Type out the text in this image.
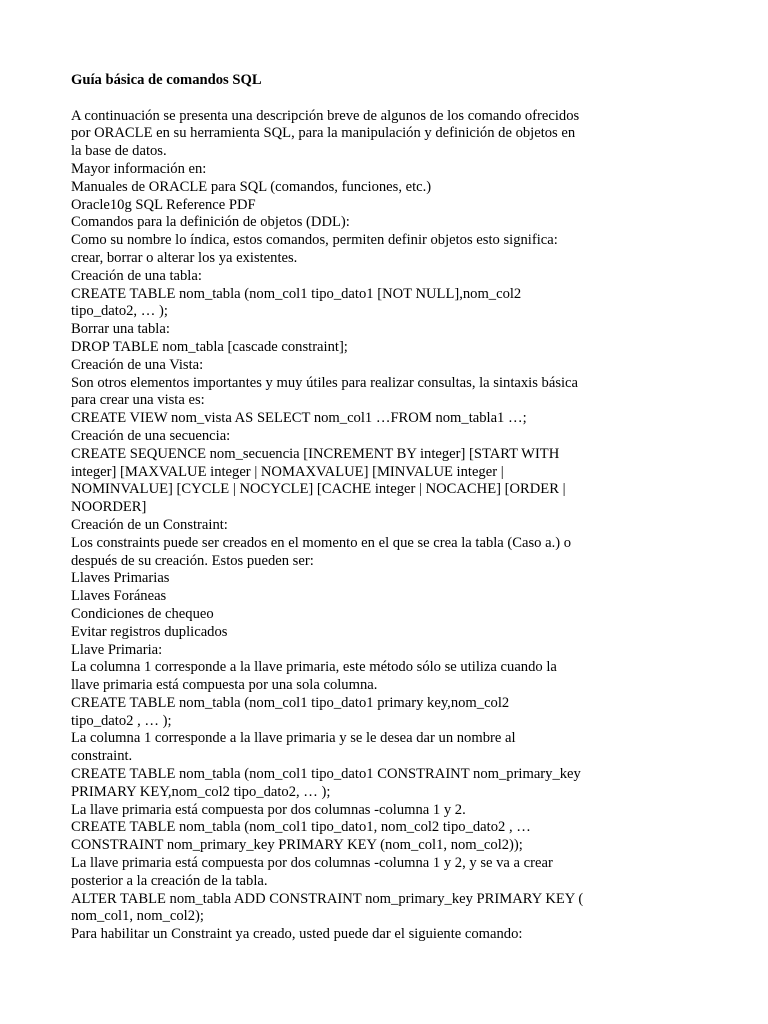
Guía básica de comandos SQL
A continuación se presenta una descripción breve de algunos de los comando ofrecidos
por ORACLE en su herramienta SQL, para la manipulación y definición de objetos en
la base de datos.
Mayor información en:
Manuales de ORACLE para SQL (comandos, funciones, etc.)
Oracle10g SQL Reference PDF
Comandos para la definición de objetos (DDL):
Como su nombre lo índica, estos comandos, permiten definir objetos esto significa:
crear, borrar o alterar los ya existentes.
Creación de una tabla:
CREATE TABLE nom_tabla (nom_col1 tipo_dato1 [NOT NULL],nom_col2
tipo_dato2, … );
Borrar una tabla:
DROP TABLE nom_tabla [cascade constraint];
Creación de una Vista:
Son otros elementos importantes y muy útiles para realizar consultas, la sintaxis básica
para crear una vista es:
CREATE VIEW nom_vista AS SELECT nom_col1 …FROM nom_tabla1 …;
Creación de una secuencia:
CREATE SEQUENCE nom_secuencia [INCREMENT BY integer] [START WITH
integer] [MAXVALUE integer | NOMAXVALUE] [MINVALUE integer |
NOMINVALUE] [CYCLE | NOCYCLE] [CACHE integer | NOCACHE] [ORDER |
NOORDER]
Creación de un Constraint:
Los constraints puede ser creados en el momento en el que se crea la tabla (Caso a.) o
después de su creación. Estos pueden ser:
Llaves Primarias
Llaves Foráneas
Condiciones de chequeo
Evitar registros duplicados
Llave Primaria:
La columna 1 corresponde a la llave primaria, este método sólo se utiliza cuando la
llave primaria está compuesta por una sola columna.
CREATE TABLE nom_tabla (nom_col1 tipo_dato1 primary key,nom_col2
tipo_dato2 , … );
La columna 1 corresponde a la llave primaria y se le desea dar un nombre al
constraint.
CREATE TABLE nom_tabla (nom_col1 tipo_dato1 CONSTRAINT nom_primary_key
PRIMARY KEY,nom_col2 tipo_dato2, … );
La llave primaria está compuesta por dos columnas -columna 1 y 2.
CREATE TABLE nom_tabla (nom_col1 tipo_dato1, nom_col2 tipo_dato2 , …
CONSTRAINT nom_primary_key PRIMARY KEY (nom_col1, nom_col2));
La llave primaria está compuesta por dos columnas -columna 1 y 2, y se va a crear
posterior a la creación de la tabla.
ALTER TABLE nom_tabla ADD CONSTRAINT nom_primary_key PRIMARY KEY (
nom_col1, nom_col2);
Para habilitar un Constraint ya creado, usted puede dar el siguiente comando:
